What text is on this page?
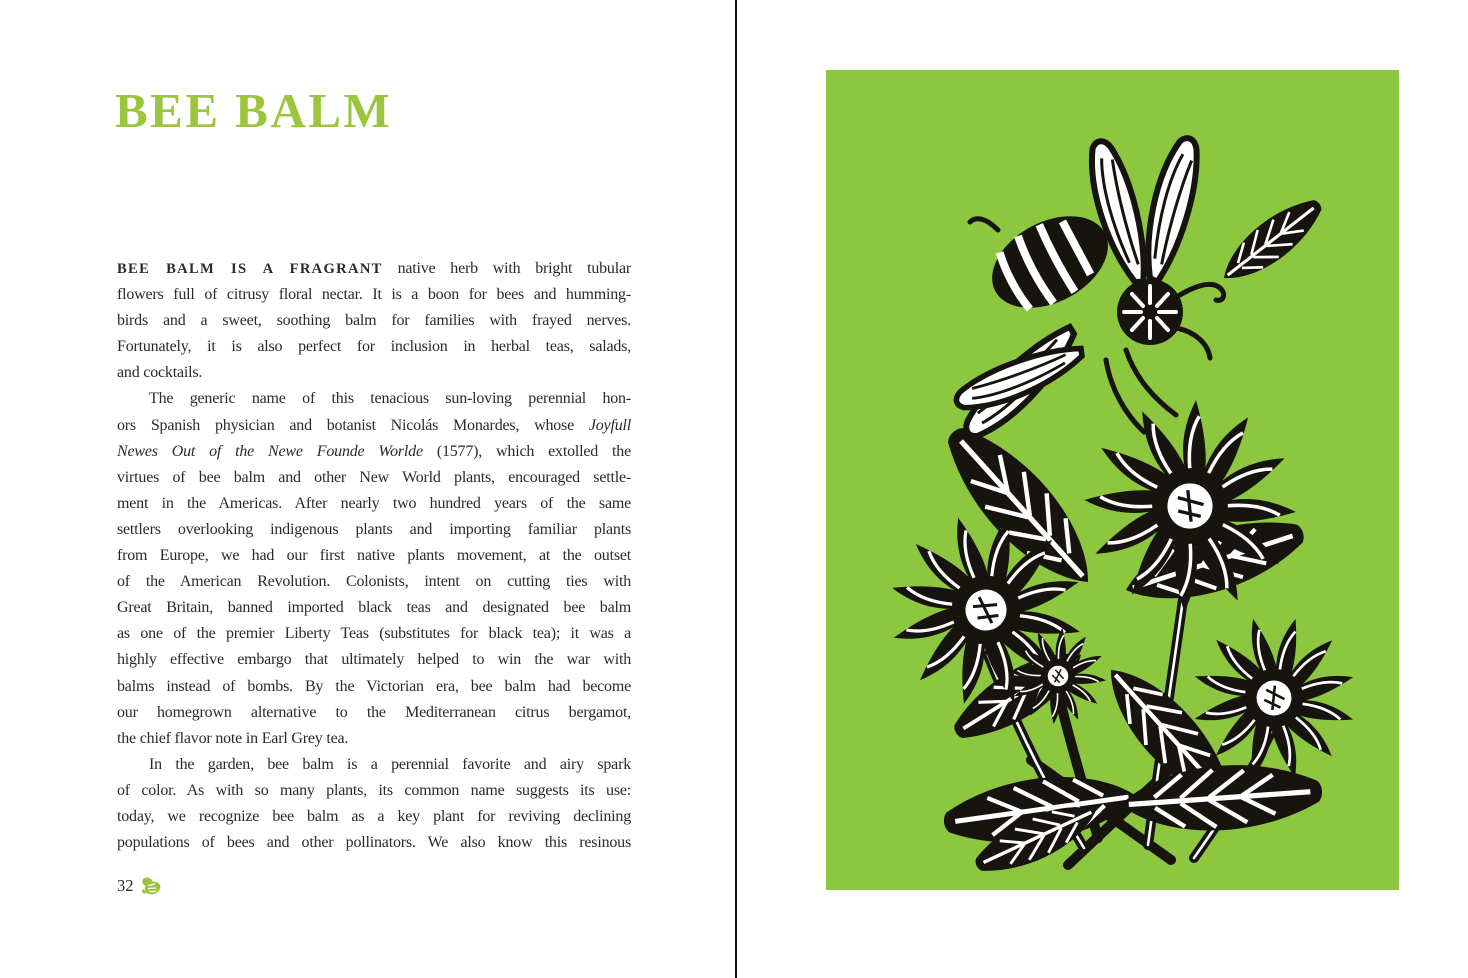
BEE BALM
BEE BALM IS A FRAGRANT native herb with bright tubular
flowers full of citrusy floral nectar. It is a boon for bees and humming-
birds and a sweet, soothing balm for families with frayed nerves.
Fortunately, it is also perfect for inclusion in herbal teas, salads,
and cocktails.
The generic name of this tenacious sun-loving perennial hon-
ors Spanish physician and botanist Nicolás Monardes, whose Joyfull
Newes Out of the Newe Founde Worlde (1577), which extolled the
virtues of bee balm and other New World plants, encouraged settle-
ment in the Americas. After nearly two hundred years of the same
settlers overlooking indigenous plants and importing familiar plants
from Europe, we had our first native plants movement, at the outset
of the American Revolution. Colonists, intent on cutting ties with
Great Britain, banned imported black teas and designated bee balm
as one of the premier Liberty Teas (substitutes for black tea); it was a
highly effective embargo that ultimately helped to win the war with
balms instead of bombs. By the Victorian era, bee balm had become
our homegrown alternative to the Mediterranean citrus bergamot,
the chief flavor note in Earl Grey tea.
In the garden, bee balm is a perennial favorite and airy spark
of color. As with so many plants, its common name suggests its use:
today, we recognize bee balm as a key plant for reviving declining
populations of bees and other pollinators. We also know this resinous
32
